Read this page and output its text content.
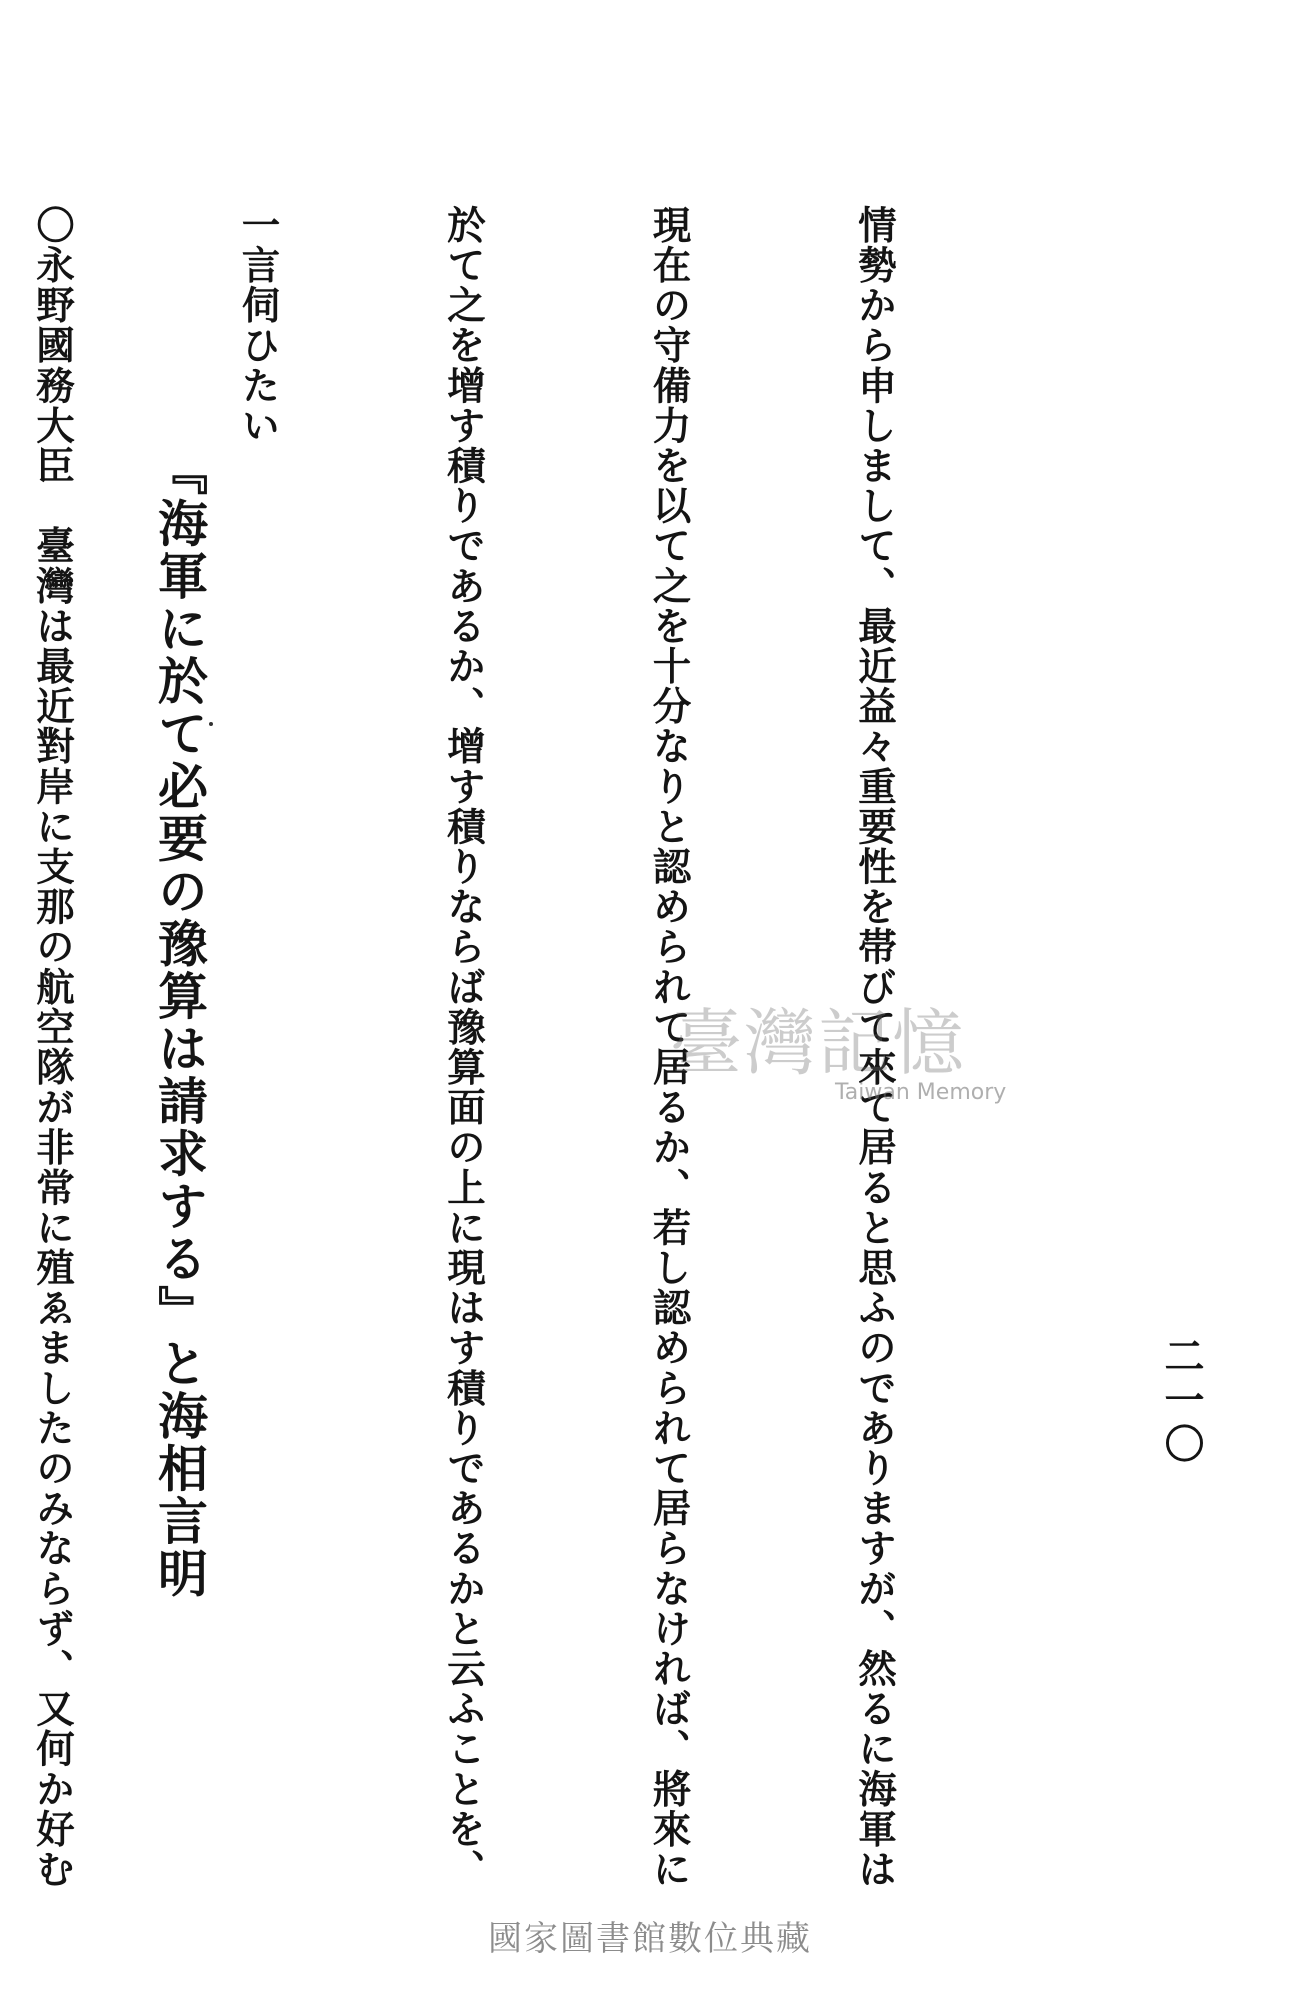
二一〇

情勢から申しまして、最近益々重要性を帯びて來て居ると思ふのでありますが、然るに海軍は

現在の守備力を以て之を十分なりと認められて居るか、若し認められて居らなければ、將來に

於て之を增す積りであるか、增す積りならば豫算面の上に現はす積りであるかと云ふことを、

一言伺ひたい

〇永野國務大臣　臺灣は最近對岸に支那の航空隊が非常に殖ゑましたのみならず、又何か好む

『海軍に於て必要の豫算は請求する』と海相言明	臺灣記憶
Taiwan Memory
國家圖書館數位典藏
